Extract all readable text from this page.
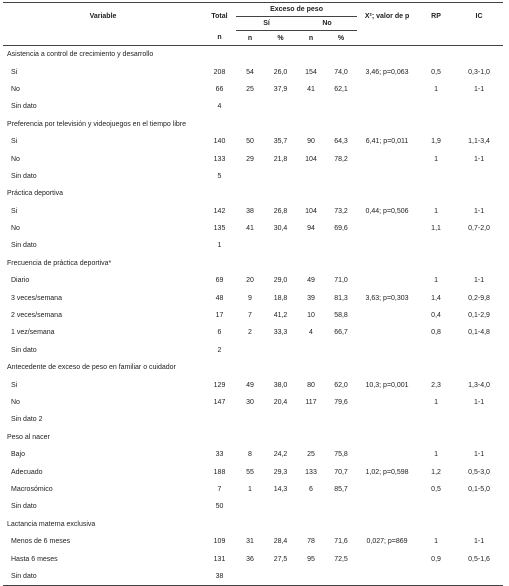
Variable	Total	Exceso de peso				X²; valor de p	RP	IC
		Sí		No				
	n	n	%	n	%			
Asistencia a control de crecimiento y desarrollo								
Si	208	54	26,0	154	74,0	3,46; p=0,063	0,5	0,3-1,0
No	66	25	37,9	41	62,1		1	1-1
Sin dato	4							
Preferencia por televisión y videojuegos en el tiempo libre								
Si	140	50	35,7	90	64,3	6,41; p=0,011	1,9	1,1-3,4
No	133	29	21,8	104	78,2		1	1-1
Sin dato	5							
Práctica deportiva								
Si	142	38	26,8	104	73,2	0,44; p=0,506	1	1-1
No	135	41	30,4	94	69,6		1,1	0,7-2,0
Sin dato	1							
Frecuencia de práctica deportiva*								
Diario	69	20	29,0	49	71,0		1	1-1
3 veces/semana	48	9	18,8	39	81,3	3,63; p=0,303	1,4	0,2-9,8
2 veces/semana	17	7	41,2	10	58,8		0,4	0,1-2,9
1 vez/semana	6	2	33,3	4	66,7		0,8	0,1-4,8
Sin dato	2							
Antecedente de exceso de peso en familiar o cuidador								
Si	129	49	38,0	80	62,0	10,3; p=0,001	2,3	1,3-4,0
No	147	30	20,4	117	79,6		1	1-1
Sin dato 2								
Peso al nacer								
Bajo	33	8	24,2	25	75,8		1	1-1
Adecuado	188	55	29,3	133	70,7	1,02; p=0,598	1,2	0,5-3,0
Macrosómico	7	1	14,3	6	85,7		0,5	0,1-5,0
Sin dato	50							
Lactancia materna exclusiva								
Menos de 6 meses	109	31	28,4	78	71,6	0,027; p=869	1	1-1
Hasta 6 meses	131	36	27,5	95	72,5		0,9	0,5-1,6
Sin dato	38							
